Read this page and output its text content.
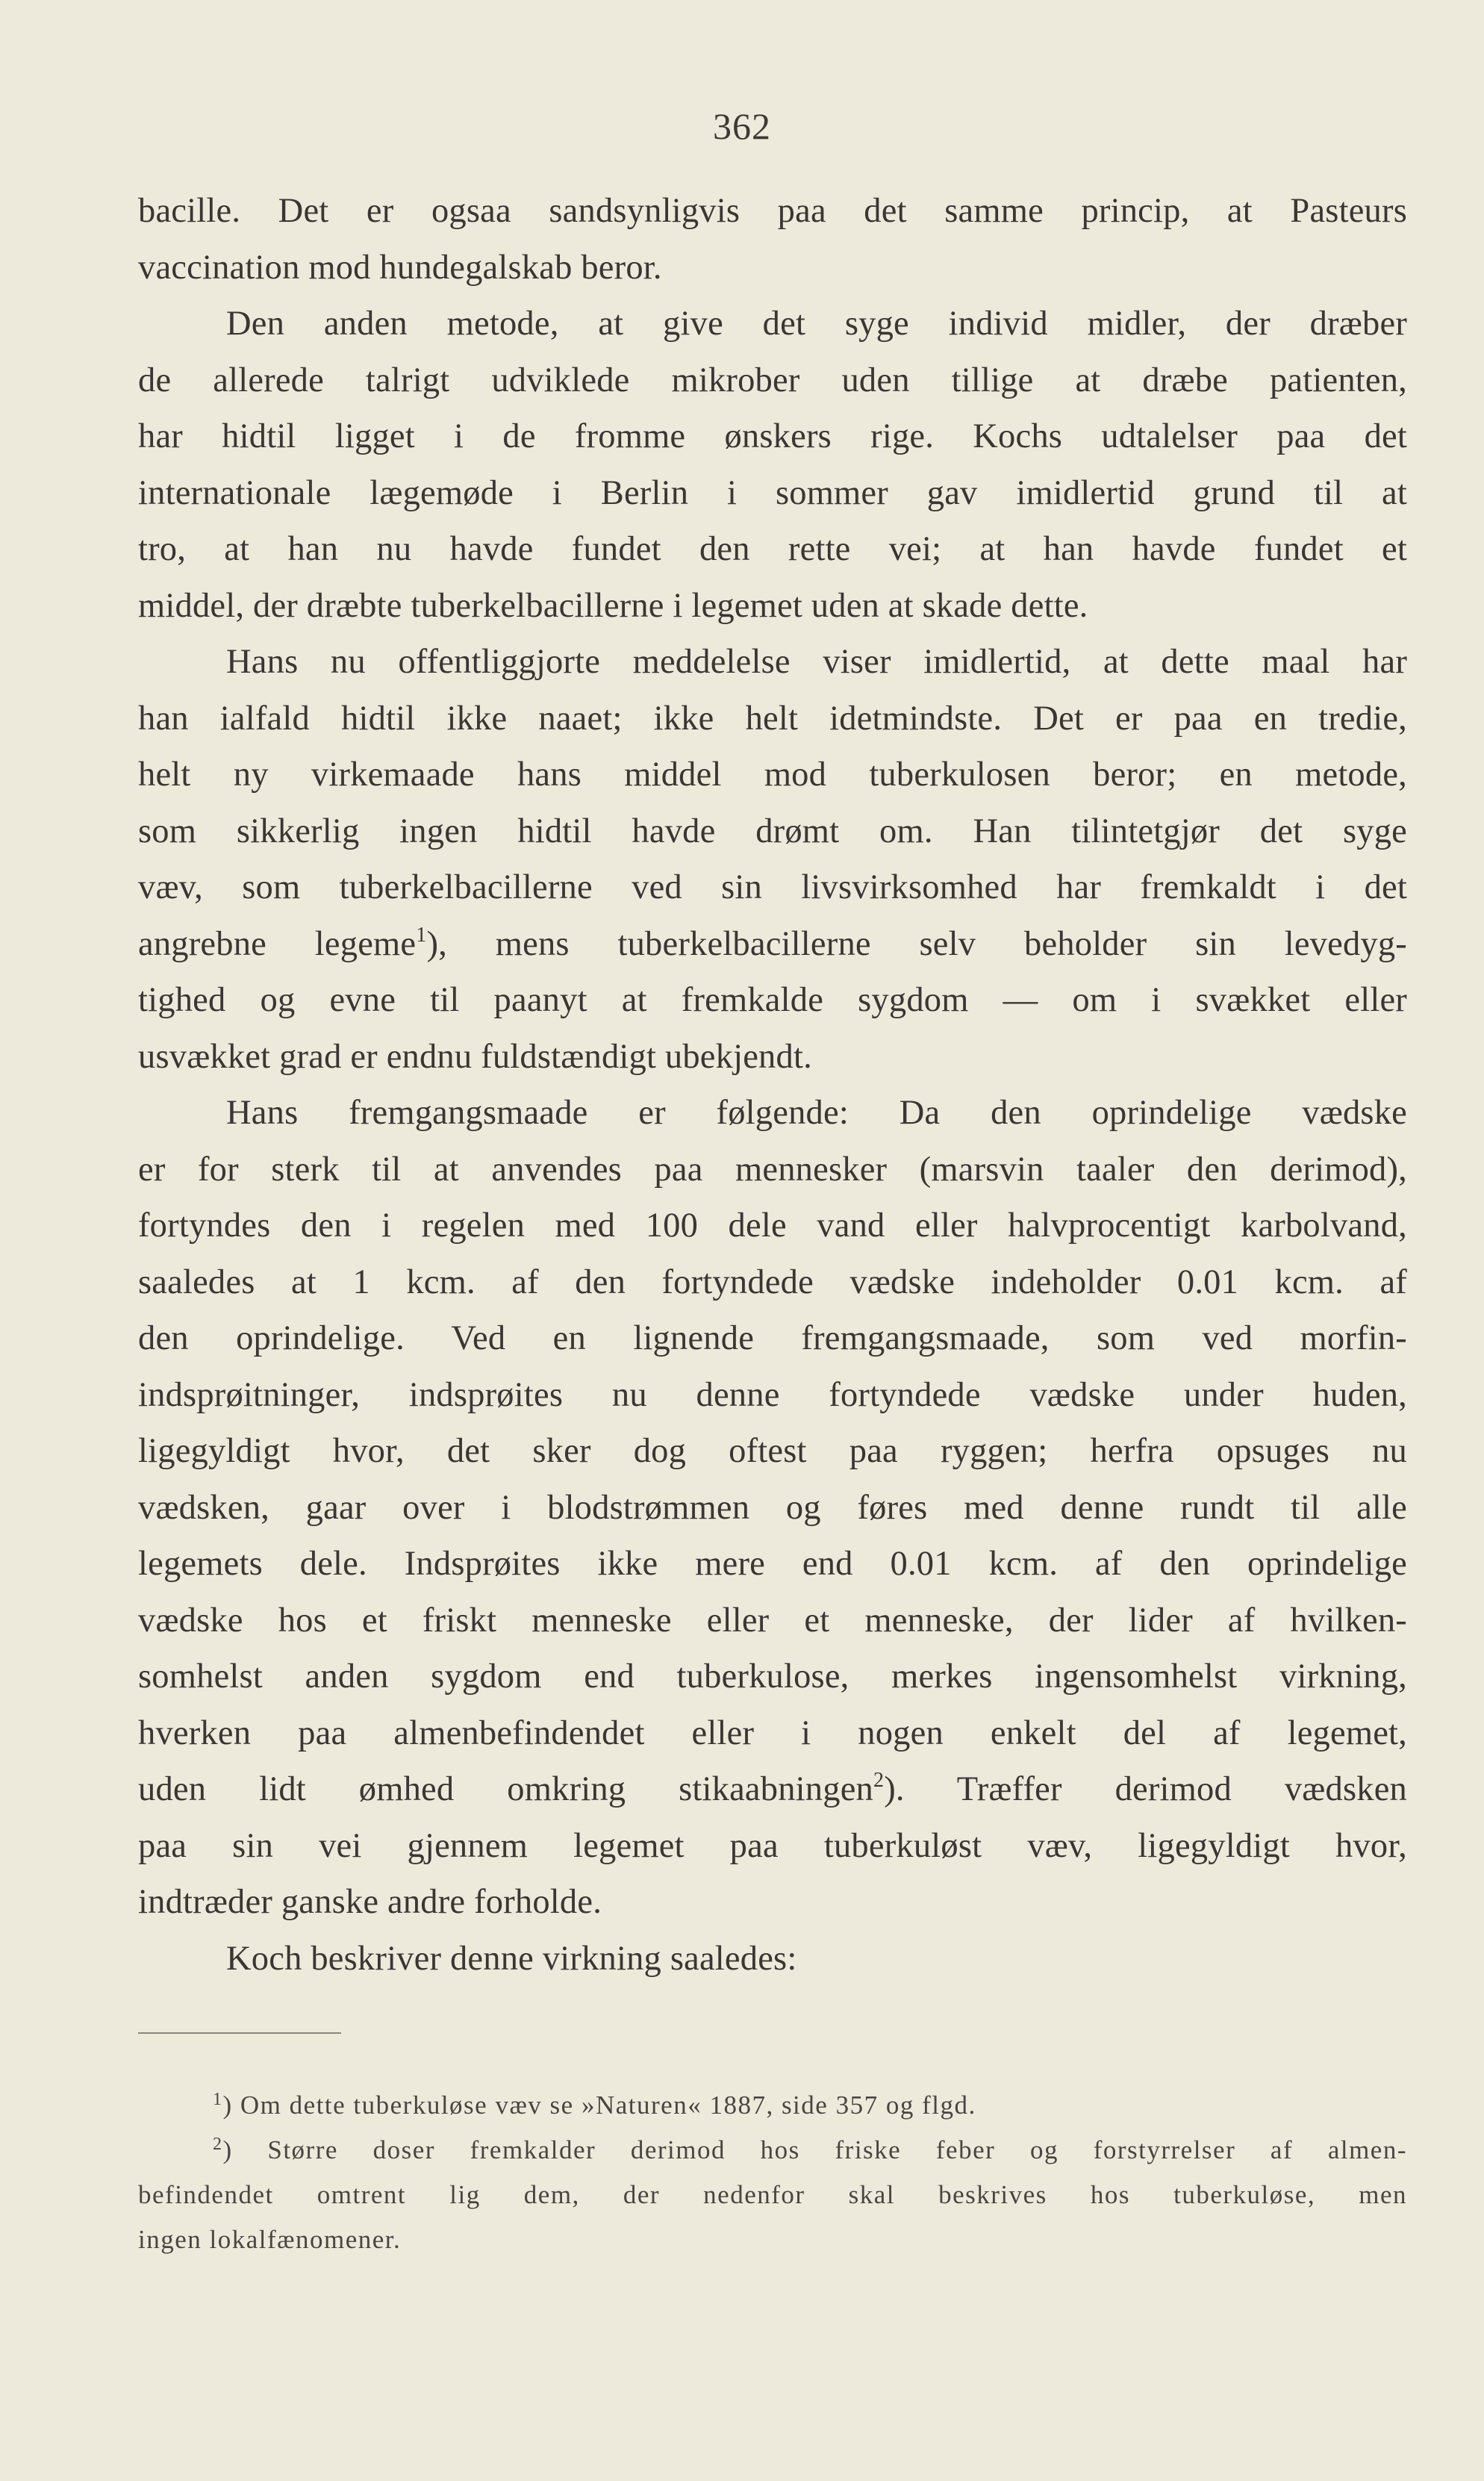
362
bacille. Det er ogsaa sandsynligvis paa det samme princip, at Pasteurs
vaccination mod hundegalskab beror.
Den anden metode, at give det syge individ midler, der dræber
de allerede talrigt udviklede mikrober uden tillige at dræbe patienten,
har hidtil ligget i de fromme ønskers rige. Kochs udtalelser paa det
internationale lægemøde i Berlin i sommer gav imidlertid grund til at
tro, at han nu havde fundet den rette vei; at han havde fundet et
middel, der dræbte tuberkelbacillerne i legemet uden at skade dette.
Hans nu offentliggjorte meddelelse viser imidlertid, at dette maal har
han ialfald hidtil ikke naaet; ikke helt idetmindste. Det er paa en tredie,
helt ny virkemaade hans middel mod tuberkulosen beror; en metode,
som sikkerlig ingen hidtil havde drømt om. Han tilintetgjør det syge
væv, som tuberkelbacillerne ved sin livsvirksomhed har fremkaldt i det
angrebne legeme$^1$), mens tuberkelbacillerne selv beholder sin levedyg-
tighed og evne til paanyt at fremkalde sygdom — om i svækket eller
usvækket grad er endnu fuldstændigt ubekjendt.
Hans fremgangsmaade er følgende: Da den oprindelige vædske
er for sterk til at anvendes paa mennesker (marsvin taaler den derimod),
fortyndes den i regelen med 100 dele vand eller halvprocentigt karbolvand,
saaledes at 1 kcm. af den fortyndede vædske indeholder 0.01 kcm. af
den oprindelige. Ved en lignende fremgangsmaade, som ved morfin-
indsprøitninger, indsprøites nu denne fortyndede vædske under huden,
ligegyldigt hvor, det sker dog oftest paa ryggen; herfra opsuges nu
vædsken, gaar over i blodstrømmen og føres med denne rundt til alle
legemets dele. Indsprøites ikke mere end 0.01 kcm. af den oprindelige
vædske hos et friskt menneske eller et menneske, der lider af hvilken-
somhelst anden sygdom end tuberkulose, merkes ingensomhelst virkning,
hverken paa almenbefindendet eller i nogen enkelt del af legemet,
uden lidt ømhed omkring stikaabningen$^2$). Træffer derimod vædsken
paa sin vei gjennem legemet paa tuberkuløst væv, ligegyldigt hvor,
indtræder ganske andre forholde.
Koch beskriver denne virkning saaledes:
$^1$) Om dette tuberkuløse væv se »Naturen« 1887, side 357 og flgd.
$^2$) Større doser fremkalder derimod hos friske feber og forstyrrelser af almen-
befindendet omtrent lig dem, der nedenfor skal beskrives hos tuberkuløse, men
ingen lokalfænomener.
